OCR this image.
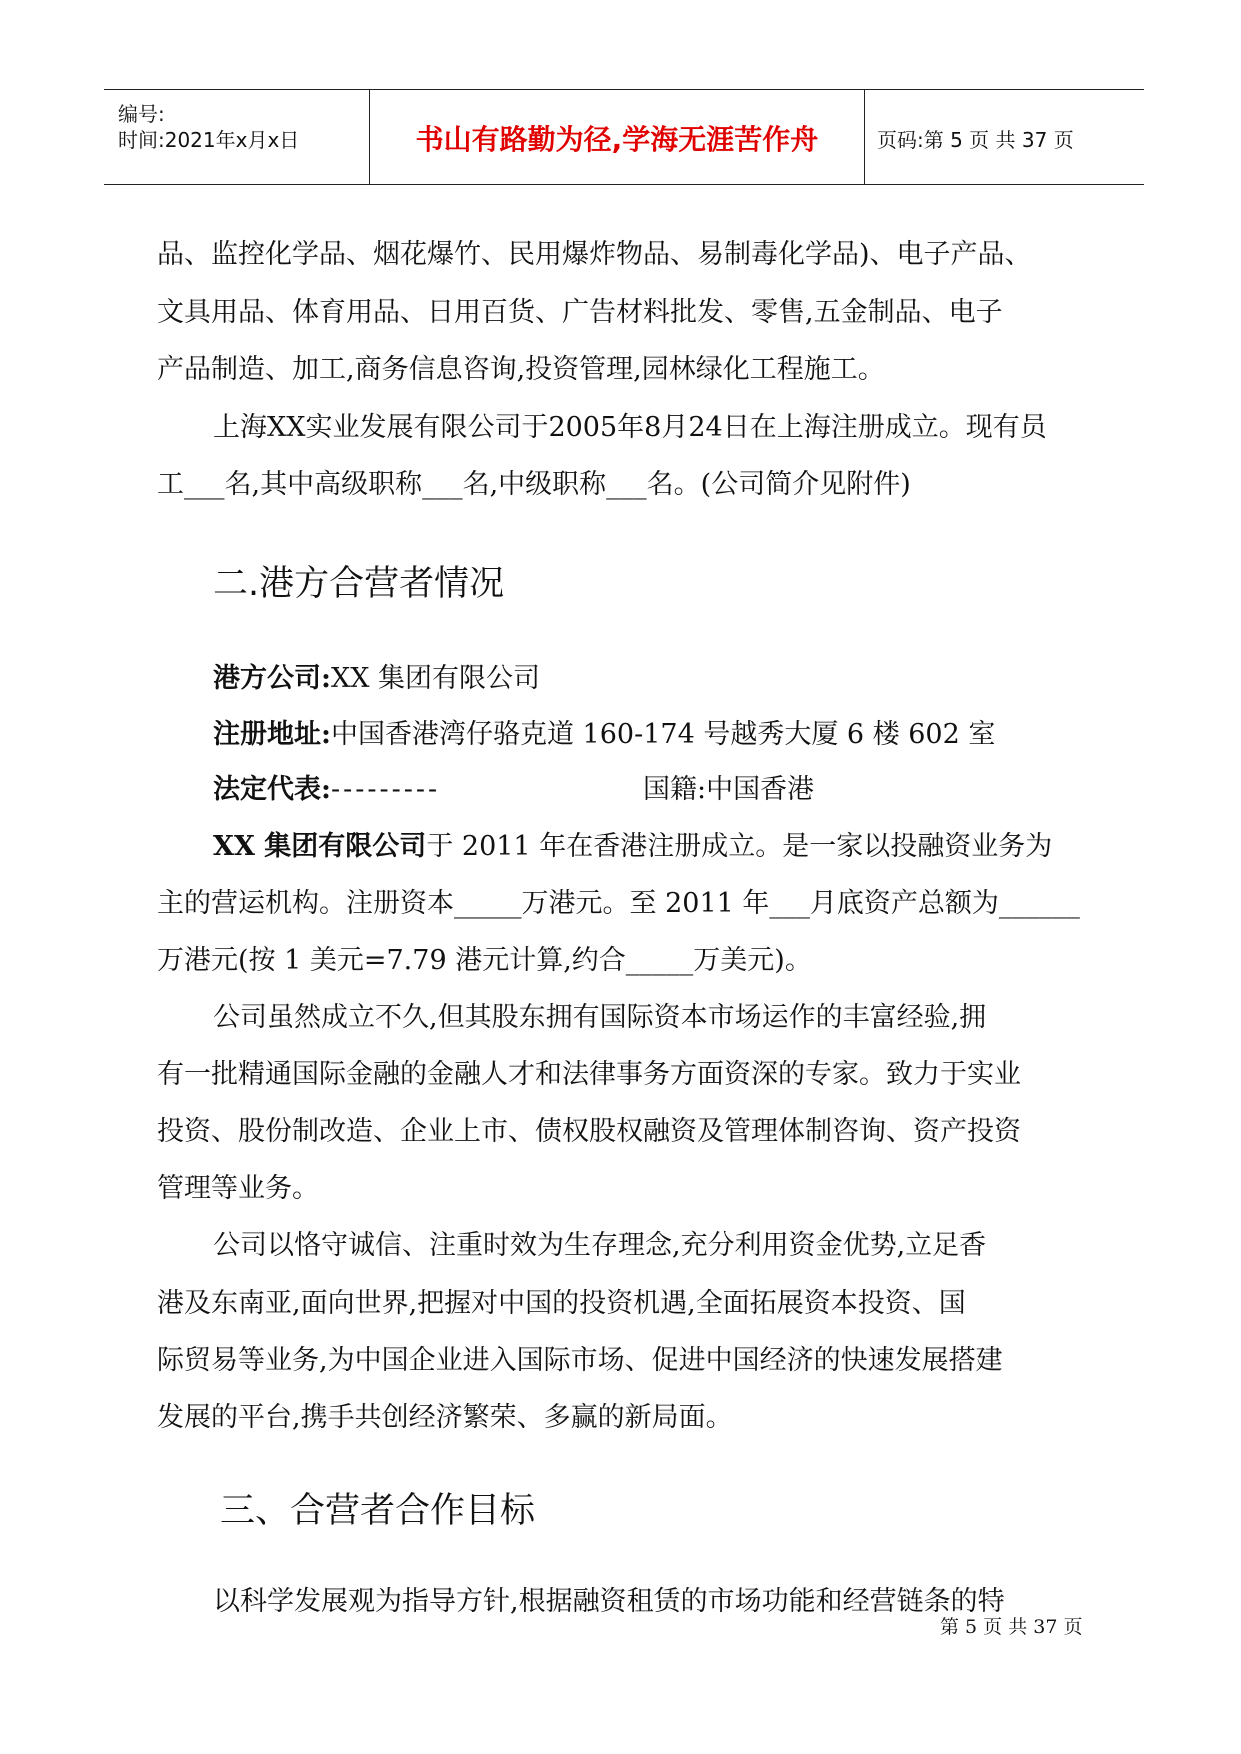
编号:
时间:2021年x月x日	书山有路勤为径,学海无涯苦作舟	页码:第 5 页 共 37 页
品、监控化学品、烟花爆竹、民用爆炸物品、易制毒化学品)、电子产品、
文具用品、体育用品、日用百货、广告材料批发、零售,五金制品、电子
产品制造、加工,商务信息咨询,投资管理,园林绿化工程施工。
上海XX实业发展有限公司于2005年8月24日在上海注册成立。现有员
工___名,其中高级职称___名,中级职称___名。(公司简介见附件)
二.港方合营者情况
港方公司:XX 集团有限公司
注册地址:中国香港湾仔骆克道 160-174 号越秀大厦 6 楼 602 室
法定代表:---------	国籍:中国香港
XX 集团有限公司于 2011 年在香港注册成立。是一家以投融资业务为
主的营运机构。注册资本_____万港元。至 2011 年___月底资产总额为______
万港元(按 1 美元=7.79 港元计算,约合_____万美元)。
公司虽然成立不久,但其股东拥有国际资本市场运作的丰富经验,拥
有一批精通国际金融的金融人才和法律事务方面资深的专家。致力于实业
投资、股份制改造、企业上市、债权股权融资及管理体制咨询、资产投资
管理等业务。
公司以恪守诚信、注重时效为生存理念,充分利用资金优势,立足香
港及东南亚,面向世界,把握对中国的投资机遇,全面拓展资本投资、国
际贸易等业务,为中国企业进入国际市场、促进中国经济的快速发展搭建
发展的平台,携手共创经济繁荣、多赢的新局面。
三、合营者合作目标
以科学发展观为指导方针,根据融资租赁的市场功能和经营链条的特
第 5 页 共 37 页
